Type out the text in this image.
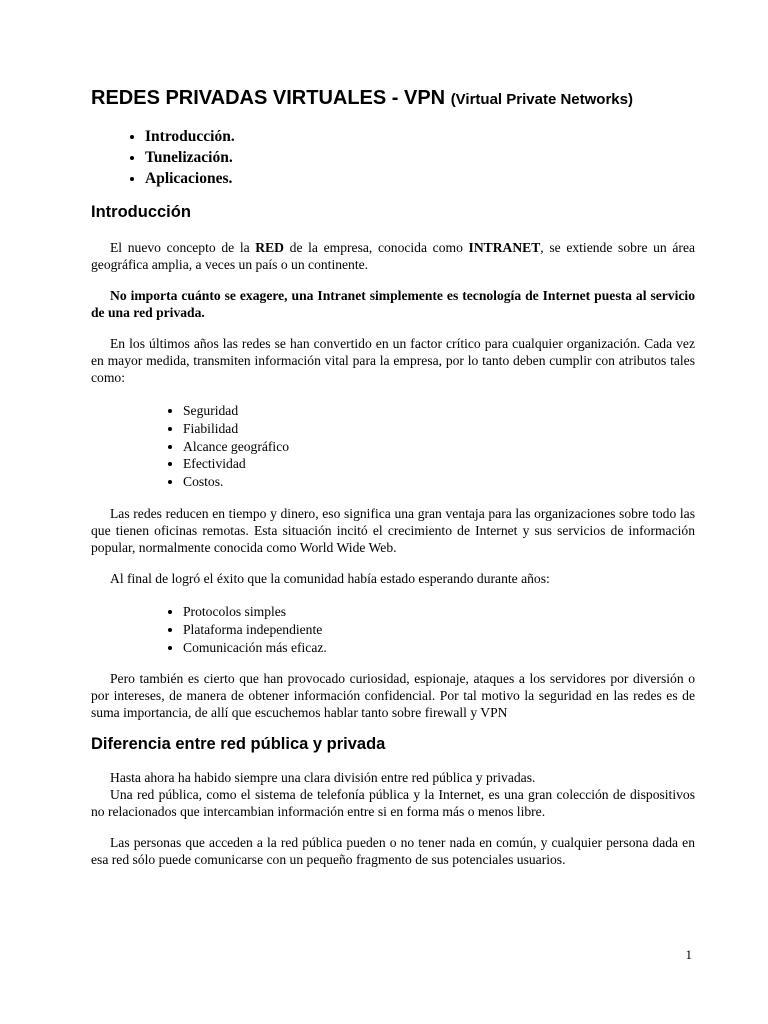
REDES PRIVADAS VIRTUALES - VPN (Virtual Private Networks)
• Introducción.
• Tunelización.
• Aplicaciones.
Introducción

El nuevo concepto de la RED de la empresa, conocida como INTRANET, se extiende sobre un área geográfica amplia, a veces un país o un continente.

No importa cuánto se exagere, una Intranet simplemente es tecnología de Internet puesta al servicio de una red privada.

En los últimos años las redes se han convertido en un factor crítico para cualquier organización. Cada vez en mayor medida, transmiten información vital para la empresa, por lo tanto deben cumplir con atributos tales como:

• Seguridad
• Fiabilidad
• Alcance geográfico
• Efectividad
• Costos.

Las redes reducen en tiempo y dinero, eso significa una gran ventaja para las organizaciones sobre todo las que tienen oficinas remotas. Esta situación incitó el crecimiento de Internet y sus servicios de información popular, normalmente conocida como World Wide Web.

Al final de logró el éxito que la comunidad había estado esperando durante años:

• Protocolos simples
• Plataforma independiente
• Comunicación más eficaz.

Pero también es cierto que han provocado curiosidad, espionaje, ataques a los servidores por diversión o por intereses, de manera de obtener información confidencial. Por tal motivo la seguridad en las redes es de suma importancia, de allí que escuchemos hablar tanto sobre firewall y VPN

Diferencia entre red pública y privada

Hasta ahora ha habido siempre una clara división entre red pública y privadas.

Una red pública, como el sistema de telefonía pública y la Internet, es una gran colección de dispositivos no relacionados que intercambian información entre si en forma más o menos libre.

Las personas que acceden a la red pública pueden o no tener nada en común, y cualquier persona dada en esa red sólo puede comunicarse con un pequeño fragmento de sus potenciales usuarios.

1
